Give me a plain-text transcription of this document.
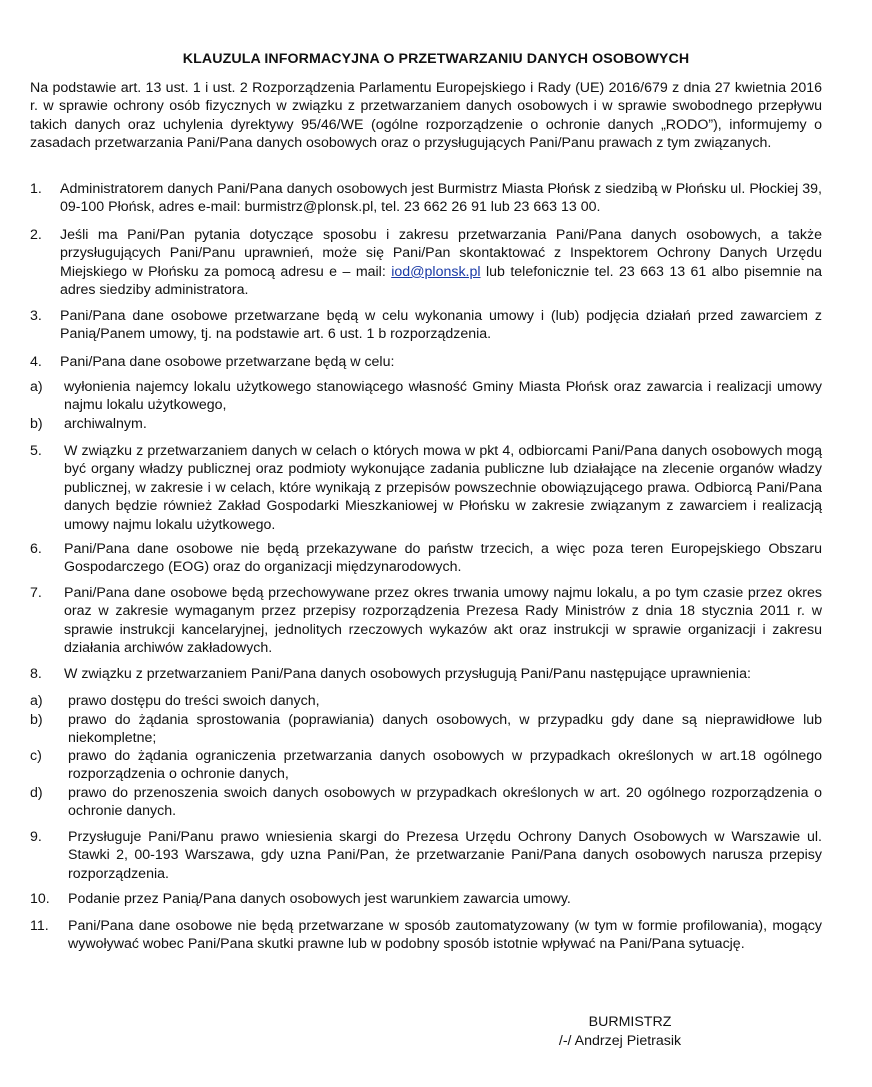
KLAUZULA INFORMACYJNA O PRZETWARZANIU DANYCH OSOBOWYCH
Na podstawie art. 13 ust. 1 i ust. 2 Rozporządzenia Parlamentu Europejskiego i Rady (UE) 2016/679 z dnia 27 kwietnia 2016 r. w sprawie ochrony osób fizycznych w związku z przetwarzaniem danych osobowych i w sprawie swobodnego przepływu takich danych oraz uchylenia dyrektywy 95/46/WE (ogólne rozporządzenie o ochronie danych „RODO”), informujemy o zasadach przetwarzania Pani/Pana danych osobowych oraz o przysługujących Pani/Panu prawach z tym związanych.
1. Administratorem danych Pani/Pana danych osobowych jest Burmistrz Miasta Płońsk z siedzibą w Płońsku ul. Płockiej 39, 09-100 Płońsk, adres e-mail: burmistrz@plonsk.pl, tel. 23 662 26 91 lub 23 663 13 00.
2. Jeśli ma Pani/Pan pytania dotyczące sposobu i zakresu przetwarzania Pani/Pana danych osobowych, a także przysługujących Pani/Panu uprawnień, może się Pani/Pan skontaktować z Inspektorem Ochrony Danych Urzędu Miejskiego w Płońsku za pomocą adresu e – mail: iod@plonsk.pl lub telefonicznie tel. 23 663 13 61 albo pisemnie na adres siedziby administratora.
3. Pani/Pana dane osobowe przetwarzane będą w celu wykonania umowy i (lub) podjęcia działań przed zawarciem z Panią/Panem umowy, tj. na podstawie art. 6 ust. 1 b rozporządzenia.
4. Pani/Pana dane osobowe przetwarzane będą w celu:
a) wyłonienia najemcy lokalu użytkowego stanowiącego własność Gminy Miasta Płońsk oraz zawarcia i realizacji umowy najmu lokalu użytkowego,
b) archiwalnym.
5. W związku z przetwarzaniem danych w celach o których mowa w pkt 4, odbiorcami Pani/Pana danych osobowych mogą być organy władzy publicznej oraz podmioty wykonujące zadania publiczne lub działające na zlecenie organów władzy publicznej, w zakresie i w celach, które wynikają z przepisów powszechnie obowiązującego prawa. Odbiorcą Pani/Pana danych będzie również Zakład Gospodarki Mieszkaniowej w Płońsku w zakresie związanym z zawarciem i realizacją umowy najmu lokalu użytkowego.
6. Pani/Pana dane osobowe nie będą przekazywane do państw trzecich, a więc poza teren Europejskiego Obszaru Gospodarczego (EOG) oraz do organizacji międzynarodowych.
7. Pani/Pana dane osobowe będą przechowywane przez okres trwania umowy najmu lokalu, a po tym czasie przez okres oraz w zakresie wymaganym przez przepisy rozporządzenia Prezesa Rady Ministrów z dnia 18 stycznia 2011 r. w sprawie instrukcji kancelaryjnej, jednolitych rzeczowych wykazów akt oraz instrukcji w sprawie organizacji i zakresu działania archiwów zakładowych.
8. W związku z przetwarzaniem Pani/Pana danych osobowych przysługują Pani/Panu następujące uprawnienia:
a) prawo dostępu do treści swoich danych,
b) prawo do żądania sprostowania (poprawiania) danych osobowych, w przypadku gdy dane są nieprawidłowe lub niekompletne;
c) prawo do żądania ograniczenia przetwarzania danych osobowych w przypadkach określonych w art.18 ogólnego rozporządzenia o ochronie danych,
d) prawo do przenoszenia swoich danych osobowych w przypadkach określonych w art. 20 ogólnego rozporządzenia o ochronie danych.
9. Przysługuje Pani/Panu prawo wniesienia skargi do Prezesa Urzędu Ochrony Danych Osobowych w Warszawie ul. Stawki 2, 00-193 Warszawa, gdy uzna Pani/Pan, że przetwarzanie Pani/Pana danych osobowych narusza przepisy rozporządzenia.
10. Podanie przez Panią/Pana danych osobowych jest warunkiem zawarcia umowy.
11. Pani/Pana dane osobowe nie będą przetwarzane w sposób zautomatyzowany (w tym w formie profilowania), mogący wywoływać wobec Pani/Pana skutki prawne lub w podobny sposób istotnie wpływać na Pani/Pana sytuację.
BURMISTRZ
/-/ Andrzej Pietrasik
